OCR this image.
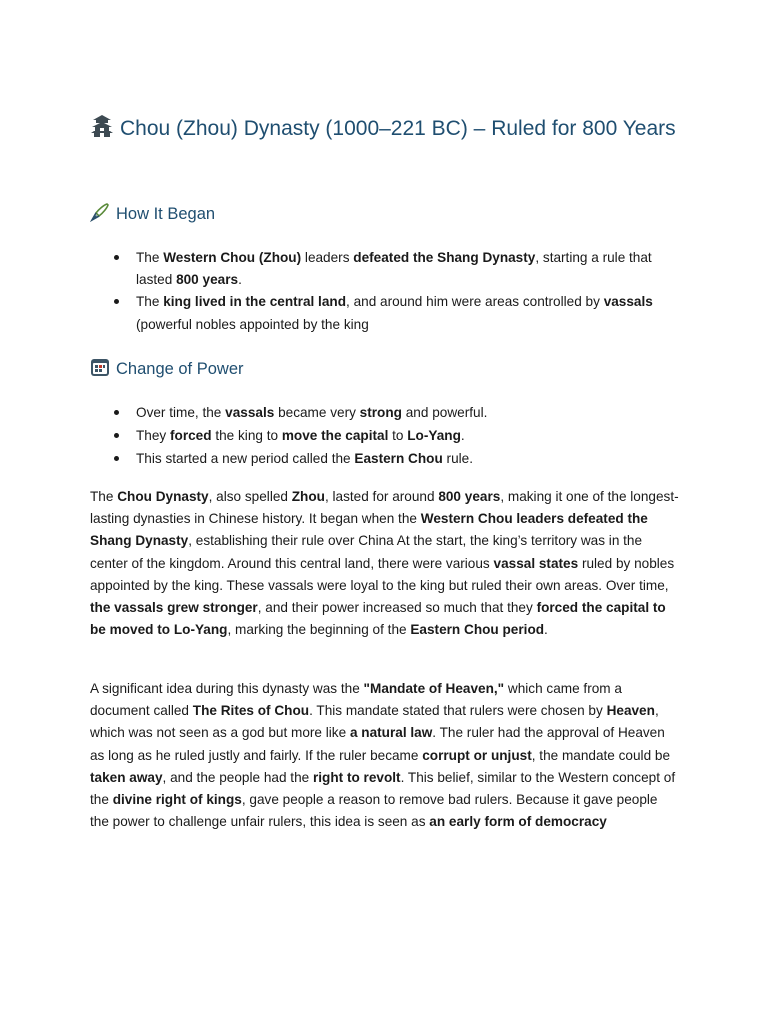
Chou (Zhou) Dynasty (1000–221 BC) – Ruled for 800 Years
How It Began
The Western Chou (Zhou) leaders defeated the Shang Dynasty, starting a rule that lasted 800 years.
The king lived in the central land, and around him were areas controlled by vassals (powerful nobles appointed by the king
Change of Power
Over time, the vassals became very strong and powerful.
They forced the king to move the capital to Lo-Yang.
This started a new period called the Eastern Chou rule.

The Chou Dynasty, also spelled Zhou, lasted for around 800 years, making it one of the longest-lasting dynasties in Chinese history. It began when the Western Chou leaders defeated the Shang Dynasty, establishing their rule over China At the start, the king’s territory was in the center of the kingdom. Around this central land, there were various vassal states ruled by nobles appointed by the king. These vassals were loyal to the king but ruled their own areas. Over time, the vassals grew stronger, and their power increased so much that they forced the capital to be moved to Lo-Yang, marking the beginning of the Eastern Chou period.

A significant idea during this dynasty was the "Mandate of Heaven," which came from a document called The Rites of Chou. This mandate stated that rulers were chosen by Heaven, which was not seen as a god but more like a natural law. The ruler had the approval of Heaven as long as he ruled justly and fairly. If the ruler became corrupt or unjust, the mandate could be taken away, and the people had the right to revolt. This belief, similar to the Western concept of the divine right of kings, gave people a reason to remove bad rulers. Because it gave people the power to challenge unfair rulers, this idea is seen as an early form of democracy
